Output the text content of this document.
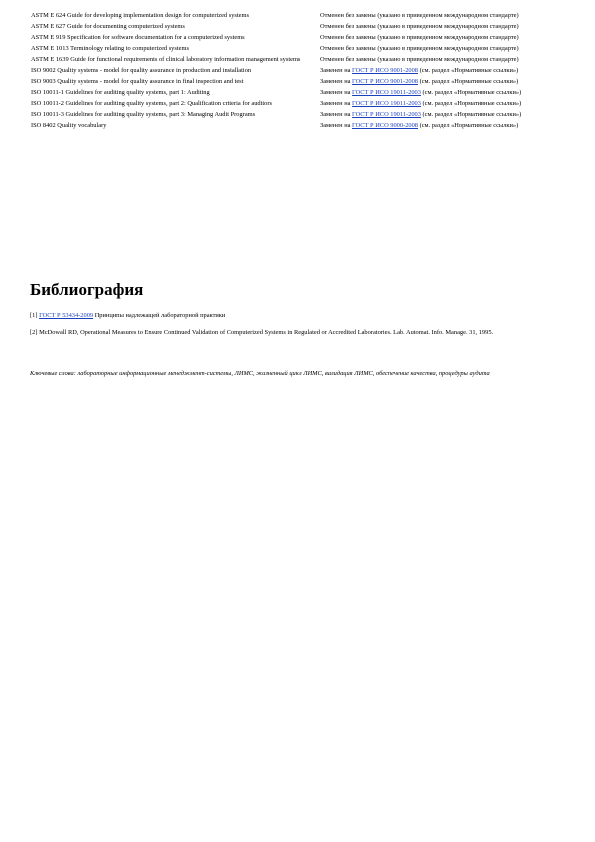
ASTM E 624 Guide for developing implementation design for computerized systems	Отменен без замены (указано в приведенном международном стандарте)
ASTM E 627 Guide for documenting computerized systems	Отменен без замены (указано в приведенном международном стандарте)
ASTM E 919 Specification for software documentation for a computerized systems	Отменен без замены (указано в приведенном международном стандарте)
ASTM E 1013 Terminology relating to computerized systems	Отменен без замены (указано в приведенном международном стандарте)
ASTM E 1639 Guide for functional requirements of clinical laboratory information management systems	Отменен без замены (указано в приведенном международном стандарте)
ISO 9002 Quality systems - model for quality assurance in production and installation	Заменен на ГОСТ Р ИСО 9001-2008 (см. раздел «Нормативные ссылки»)
ISO 9003 Quality systems - model for quality assurance in final inspection and test	Заменен на ГОСТ Р ИСО 9001-2008 (см. раздел «Нормативные ссылки»)
ISO 10011-1 Guidelines for auditing quality systems, part 1: Auditing	Заменен на ГОСТ Р ИСО 19011-2003 (см. раздел «Нормативные ссылки»)
ISO 10011-2 Guidelines for auditing quality systems, part 2: Qualification criteria for auditors	Заменен на ГОСТ Р ИСО 19011-2003 (см. раздел «Нормативные ссылки»)
ISO 10011-3 Guidelines for auditing quality systems, part 3: Managing Audit Programs	Заменен на ГОСТ Р ИСО 19011-2003 (см. раздел «Нормативные ссылки»)
ISO 8402 Quality vocabulary	Заменен на ГОСТ Р ИСО 9000-2008 (см. раздел «Нормативные ссылки»)
Библиография

[1] ГОСТ Р 53434-2009 Принципы надлежащей лабораторной практики

[2] McDowall RD, Operational Measures to Ensure Continued Validation of Computerized Systems in Regulated or Accredited Laboratories. Lab. Automat. Info. Manage. 31, 1995.

Ключевые слова: лабораторные информационные менеджмент-системы, ЛИМС, жизненный цикл ЛИМС, валидация ЛИМС, обеспечение качества, процедуры аудита
